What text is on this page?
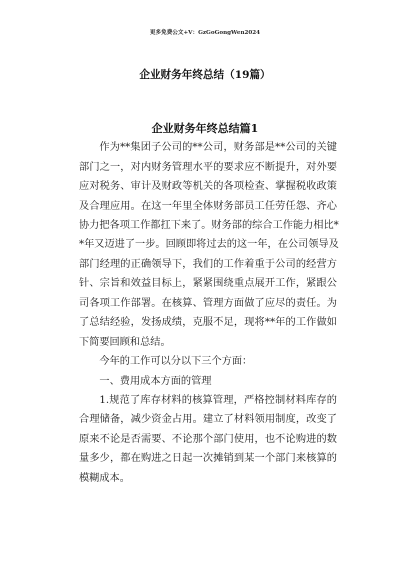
更多免费公文+V：GzGoGongWen2024
企业财务年终总结（19篇）
企业财务年终总结篇1
作为**集团子公司的**公司，财务部是**公司的关键
部门之一，对内财务管理水平的要求应不断提升，对外要
应对税务、审计及财政等机关的各项检查、掌握税收政策
及合理应用。在这一年里全体财务部员工任劳任怨、齐心
协力把各项工作都扛下来了。财务部的综合工作能力相比*
*年又迈进了一步。回顾即将过去的这一年，在公司领导及
部门经理的正确领导下，我们的工作着重于公司的经营方
针、宗旨和效益目标上，紧紧围绕重点展开工作，紧跟公
司各项工作部署。在核算、管理方面做了应尽的责任。为
了总结经验，发扬成绩，克服不足，现将**年的工作做如
下简要回顾和总结。
今年的工作可以分以下三个方面：
一、费用成本方面的管理
1.规范了库存材料的核算管理，严格控制材料库存的
合理储备，减少资金占用。建立了材料领用制度，改变了
原来不论是否需要、不论那个部门使用，也不论购进的数
量多少，都在购进之日起一次摊销到某一个部门来核算的
模糊成本。
